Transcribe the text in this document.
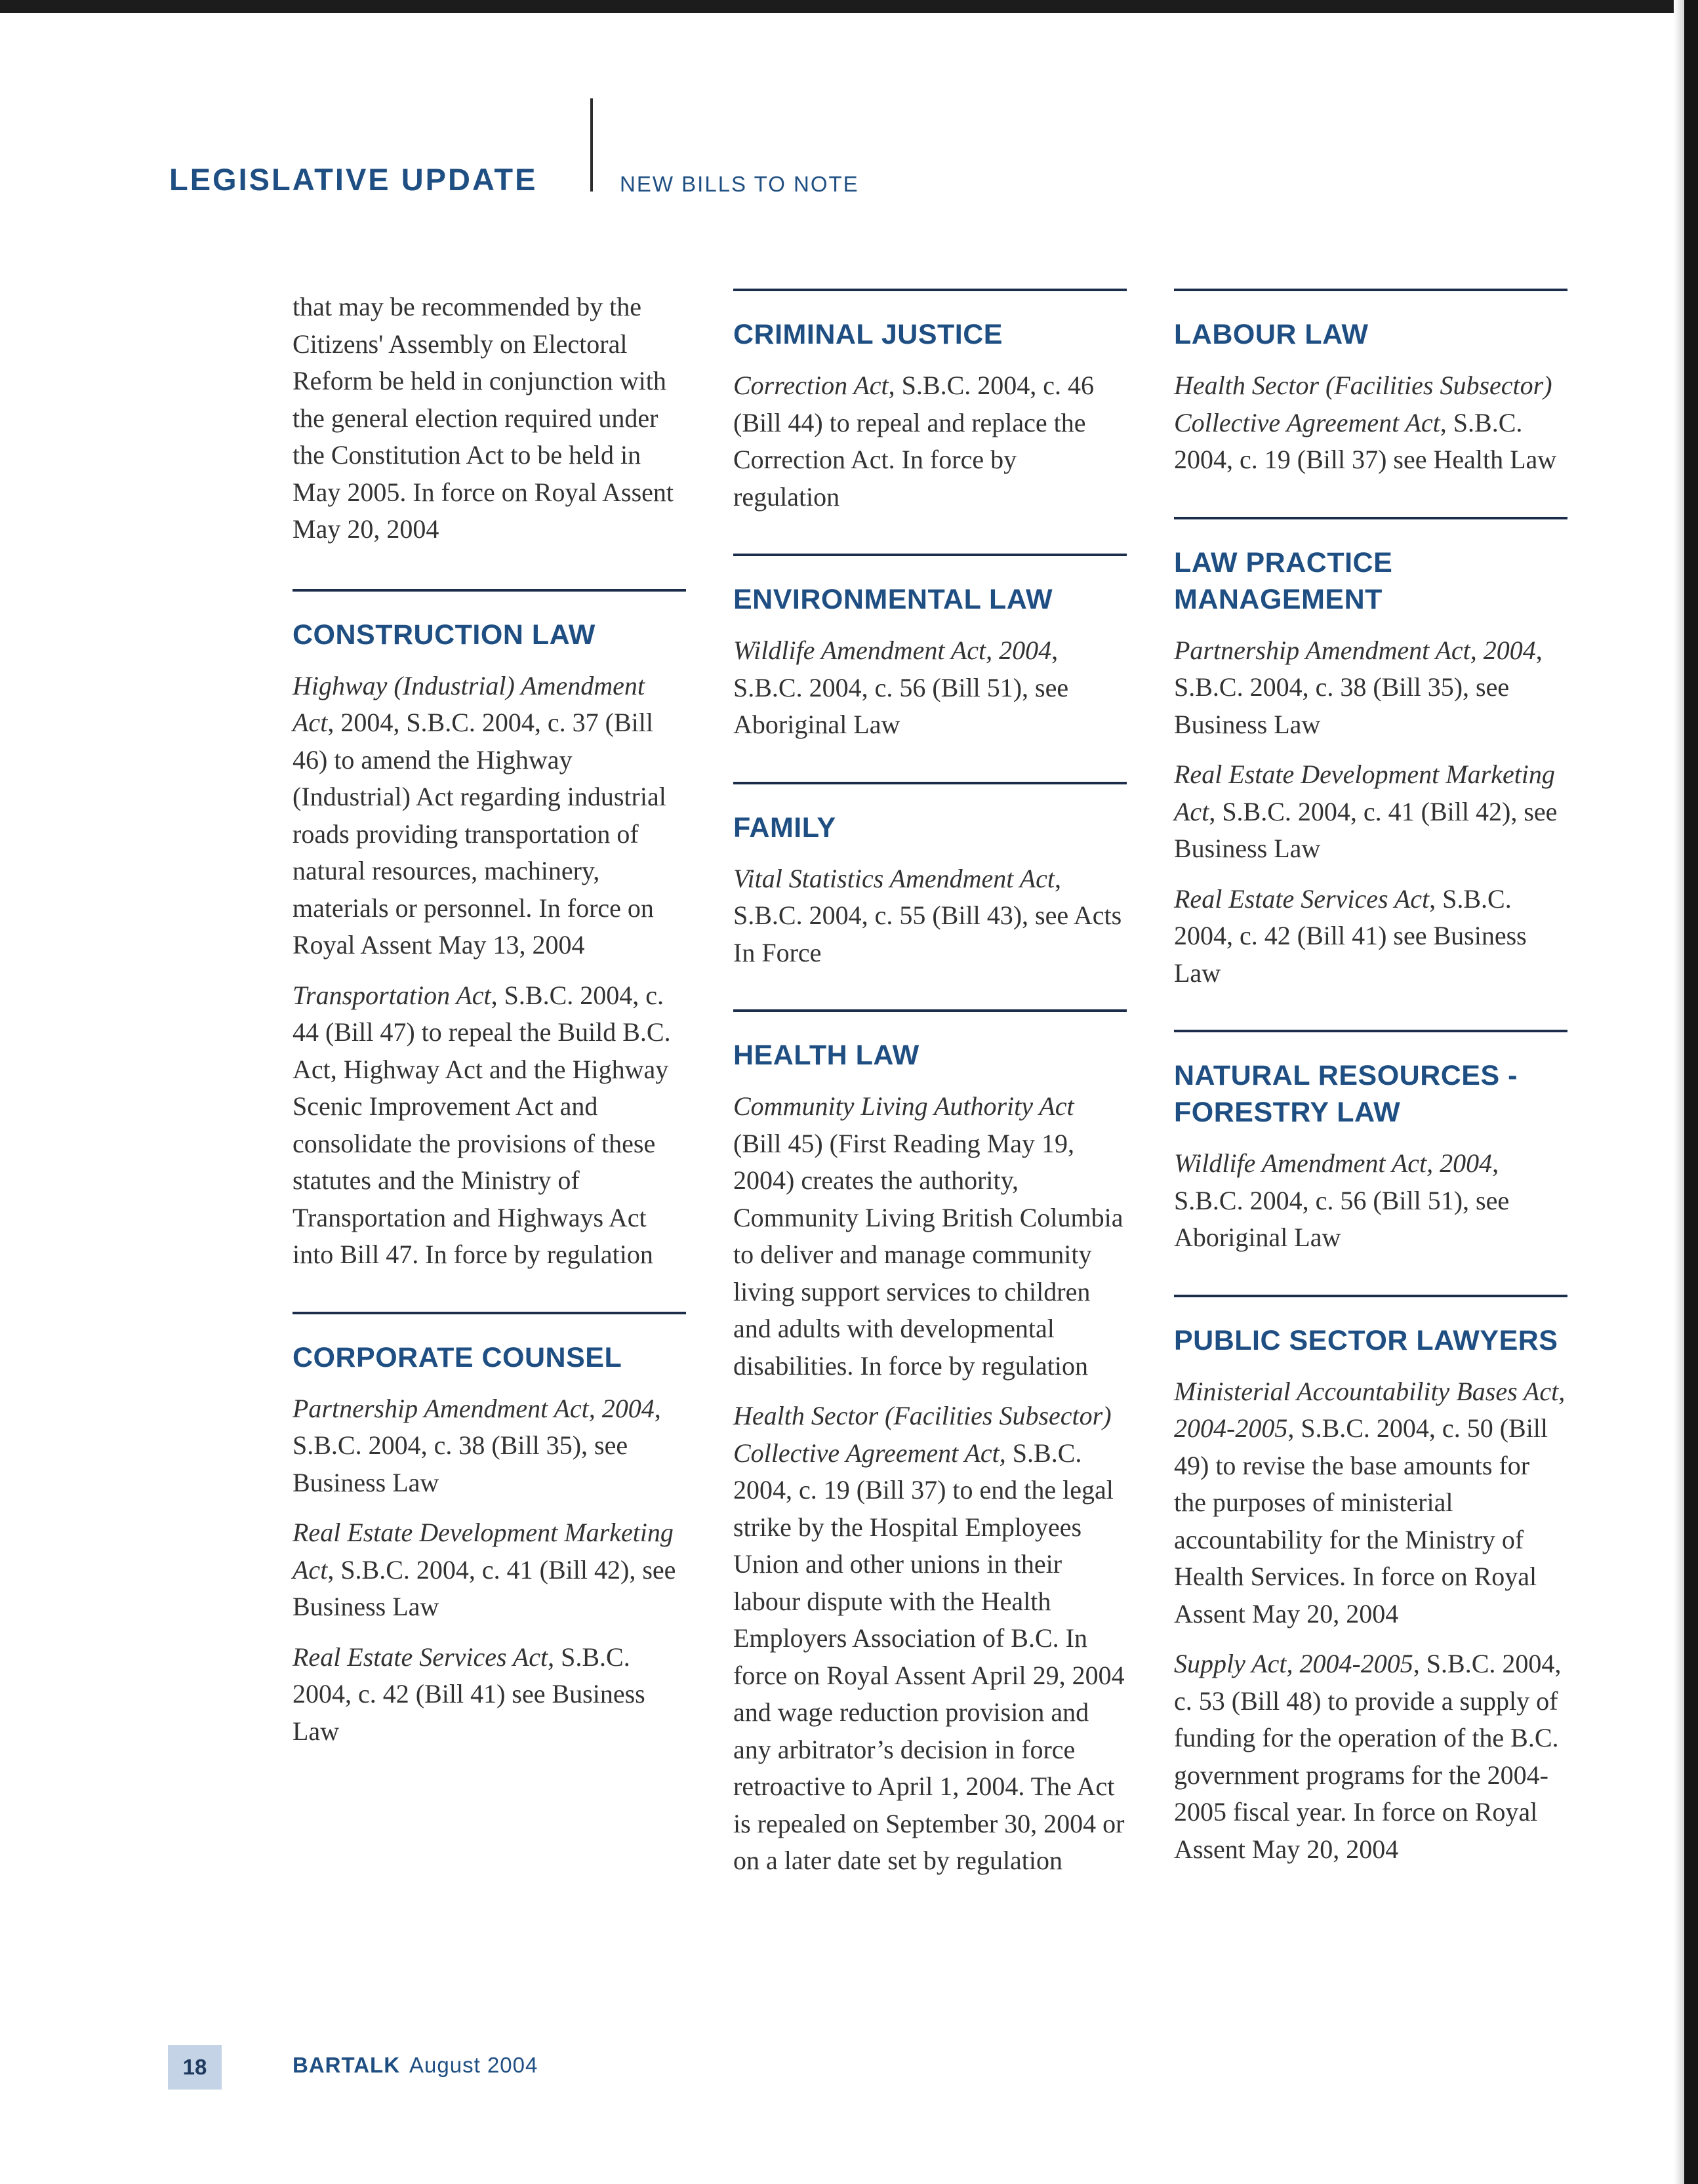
LEGISLATIVE UPDATE	NEW BILLS TO NOTE

that may be recommended by the Citizens' Assembly on Electoral Reform be held in conjunction with the general election required under the Constitution Act to be held in May 2005. In force on Royal Assent May 20, 2004

CONSTRUCTION LAW

Highway (Industrial) Amendment Act, 2004, S.B.C. 2004, c. 37 (Bill 46) to amend the Highway (Industrial) Act regarding industrial roads providing transportation of natural resources, machinery, materials or personnel. In force on Royal Assent May 13, 2004

Transportation Act, S.B.C. 2004, c. 44 (Bill 47) to repeal the Build B.C. Act, Highway Act and the Highway Scenic Improvement Act and consolidate the provisions of these statutes and the Ministry of Transportation and Highways Act into Bill 47. In force by regulation

CORPORATE COUNSEL

Partnership Amendment Act, 2004, S.B.C. 2004, c. 38 (Bill 35), see Business Law

Real Estate Development Marketing Act, S.B.C. 2004, c. 41 (Bill 42), see Business Law

Real Estate Services Act, S.B.C. 2004, c. 42 (Bill 41) see Business Law

CRIMINAL JUSTICE

Correction Act, S.B.C. 2004, c. 46 (Bill 44) to repeal and replace the Correction Act. In force by regulation

ENVIRONMENTAL LAW

Wildlife Amendment Act, 2004, S.B.C. 2004, c. 56 (Bill 51), see Aboriginal Law

FAMILY

Vital Statistics Amendment Act, S.B.C. 2004, c. 55 (Bill 43), see Acts In Force

HEALTH LAW

Community Living Authority Act (Bill 45) (First Reading May 19, 2004) creates the authority, Community Living British Columbia to deliver and manage community living support services to children and adults with developmental disabilities. In force by regulation

Health Sector (Facilities Subsector) Collective Agreement Act, S.B.C. 2004, c. 19 (Bill 37) to end the legal strike by the Hospital Employees Union and other unions in their labour dispute with the Health Employers Association of B.C. In force on Royal Assent April 29, 2004 and wage reduction provision and any arbitrator’s decision in force retroactive to April 1, 2004. The Act is repealed on September 30, 2004 or on a later date set by regulation

LABOUR LAW

Health Sector (Facilities Subsector) Collective Agreement Act, S.B.C. 2004, c. 19 (Bill 37) see Health Law

LAW PRACTICE MANAGEMENT

Partnership Amendment Act, 2004, S.B.C. 2004, c. 38 (Bill 35), see Business Law

Real Estate Development Marketing Act, S.B.C. 2004, c. 41 (Bill 42), see Business Law

Real Estate Services Act, S.B.C. 2004, c. 42 (Bill 41) see Business Law

NATURAL RESOURCES - FORESTRY LAW

Wildlife Amendment Act, 2004, S.B.C. 2004, c. 56 (Bill 51), see Aboriginal Law

PUBLIC SECTOR LAWYERS

Ministerial Accountability Bases Act, 2004-2005, S.B.C. 2004, c. 50 (Bill 49) to revise the base amounts for the purposes of ministerial accountability for the Ministry of Health Services. In force on Royal Assent May 20, 2004

Supply Act, 2004-2005, S.B.C. 2004, c. 53 (Bill 48) to provide a supply of funding for the operation of the B.C. government programs for the 2004-2005 fiscal year. In force on Royal Assent May 20, 2004

18	BARTALK August 2004
